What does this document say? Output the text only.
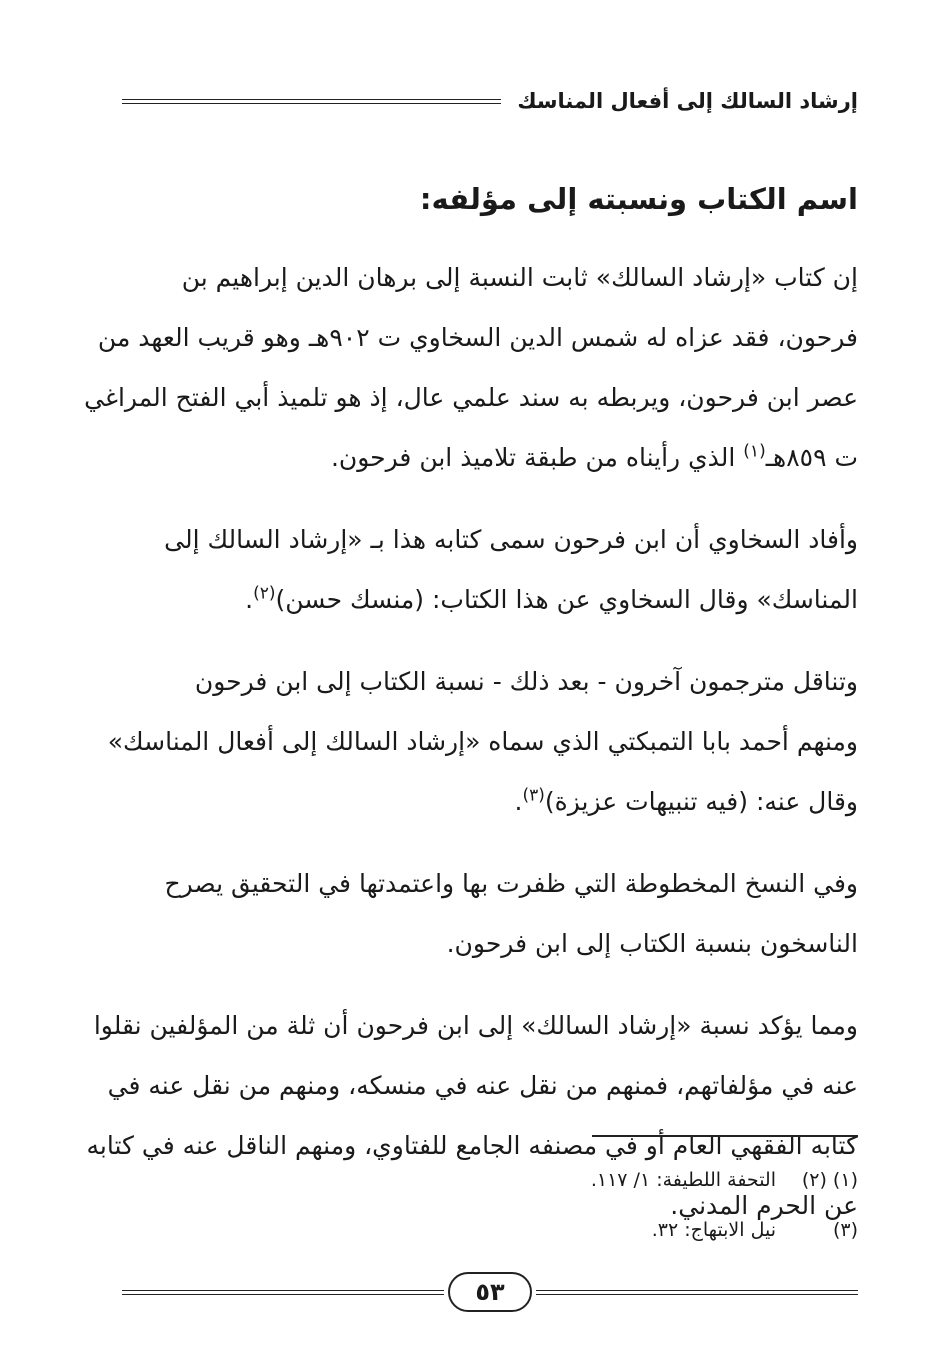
إرشاد السالك إلى أفعال المناسك
اسم الكتاب ونسبته إلى مؤلفه:

إن كتاب «إرشاد السالك» ثابت النسبة إلى برهان الدين إبراهيم بن
فرحون، فقد عزاه له شمس الدين السخاوي ت ٩٠٢هـ وهو قريب العهد من
عصر ابن فرحون، ويربطه به سند علمي عال، إذ هو تلميذ أبي الفتح المراغي
ت ٨٥٩هـ$^{(١)}$ الذي رأيناه من طبقة تلاميذ ابن فرحون.

وأفاد السخاوي أن ابن فرحون سمى كتابه هذا بـ «إرشاد السالك إلى
المناسك» وقال السخاوي عن هذا الكتاب: (منسك حسن)$^{(٢)}$.

وتناقل مترجمون آخرون - بعد ذلك - نسبة الكتاب إلى ابن فرحون
ومنهم أحمد بابا التمبكتي الذي سماه «إرشاد السالك إلى أفعال المناسك»
وقال عنه: (فيه تنبيهات عزيزة)$^{(٣)}$.

وفي النسخ المخطوطة التي ظفرت بها واعتمدتها في التحقيق يصرح
الناسخون بنسبة الكتاب إلى ابن فرحون.

ومما يؤكد نسبة «إرشاد السالك» إلى ابن فرحون أن ثلة من المؤلفين نقلوا
عنه في مؤلفاتهم، فمنهم من نقل عنه في منسكه، ومنهم من نقل عنه في
كتابه الفقهي العام أو في مصنفه الجامع للفتاوي، ومنهم الناقل عنه في كتابه
عن الحرم المدني.

(١) (٢)
التحفة اللطيفة: ١/ ١١٧.
(٣)
نيل الابتهاج: ٣٢.
٥٣
